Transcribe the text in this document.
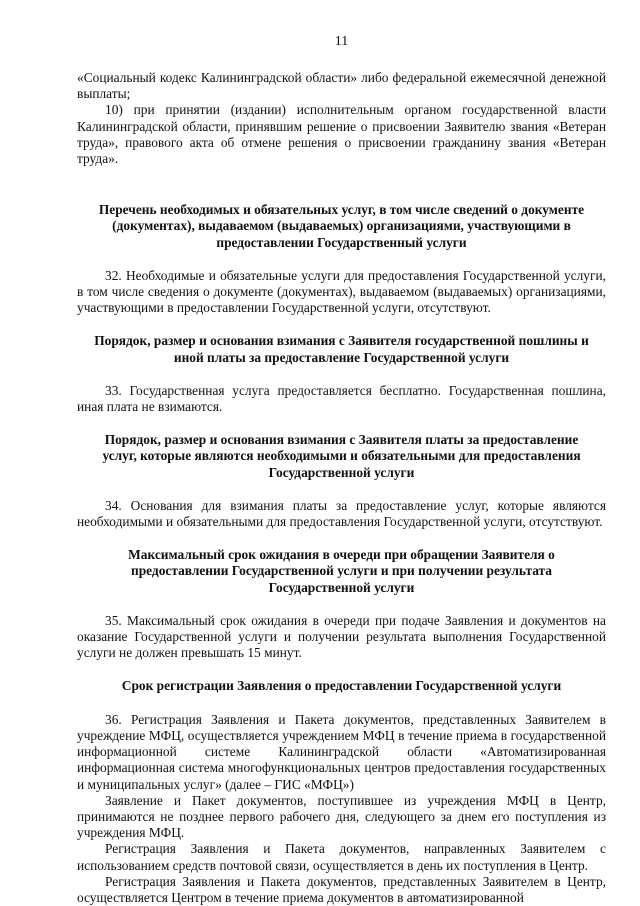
11

«Социальный кодекс Калининградской области» либо федеральной ежемесячной денежной выплаты;

10) при принятии (издании) исполнительным органом государственной власти Калининградской области, принявшим решение о присвоении Заявителю звания «Ветеран труда», правового акта об отмене решения о присвоении гражданину звания «Ветеран труда».

Перечень необходимых и обязательных услуг, в том числе сведений о документе (документах), выдаваемом (выдаваемых) организациями, участвующими в предоставлении Государственный услуги

32. Необходимые и обязательные услуги для предоставления Государственной услуги, в том числе сведения о документе (документах), выдаваемом (выдаваемых) организациями, участвующими в предоставлении Государственной услуги, отсутствуют.

Порядок, размер и основания взимания с Заявителя государственной пошлины и иной платы за предоставление Государственной услуги

33. Государственная услуга предоставляется бесплатно. Государственная пошлина, иная плата не взимаются.

Порядок, размер и основания взимания с Заявителя платы за предоставление услуг, которые являются необходимыми и обязательными для предоставления Государственной услуги

34. Основания для взимания платы за предоставление услуг, которые являются необходимыми и обязательными для предоставления Государственной услуги, отсутствуют.

Максимальный срок ожидания в очереди при обращении Заявителя о предоставлении Государственной услуги и при получении результата Государственной услуги

35. Максимальный срок ожидания в очереди при подаче Заявления и документов на оказание Государственной услуги и получении результата выполнения Государственной услуги не должен превышать 15 минут.

Срок регистрации Заявления о предоставлении Государственной услуги

36. Регистрация Заявления и Пакета документов, представленных Заявителем в учреждение МФЦ, осуществляется учреждением МФЦ в течение приема в государственной информационной системе Калининградской области «Автоматизированная информационная система многофункциональных центров предоставления государственных и муниципальных услуг» (далее – ГИС «МФЦ»)

Заявление и Пакет документов, поступившее из учреждения МФЦ в Центр, принимаются не позднее первого рабочего дня, следующего за днем его поступления из учреждения МФЦ.

Регистрация Заявления и Пакета документов, направленных Заявителем с использованием средств почтовой связи, осуществляется в день их поступления в Центр.

Регистрация Заявления и Пакета документов, представленных Заявителем в Центр, осуществляется Центром в течение приема документов в автоматизированной
